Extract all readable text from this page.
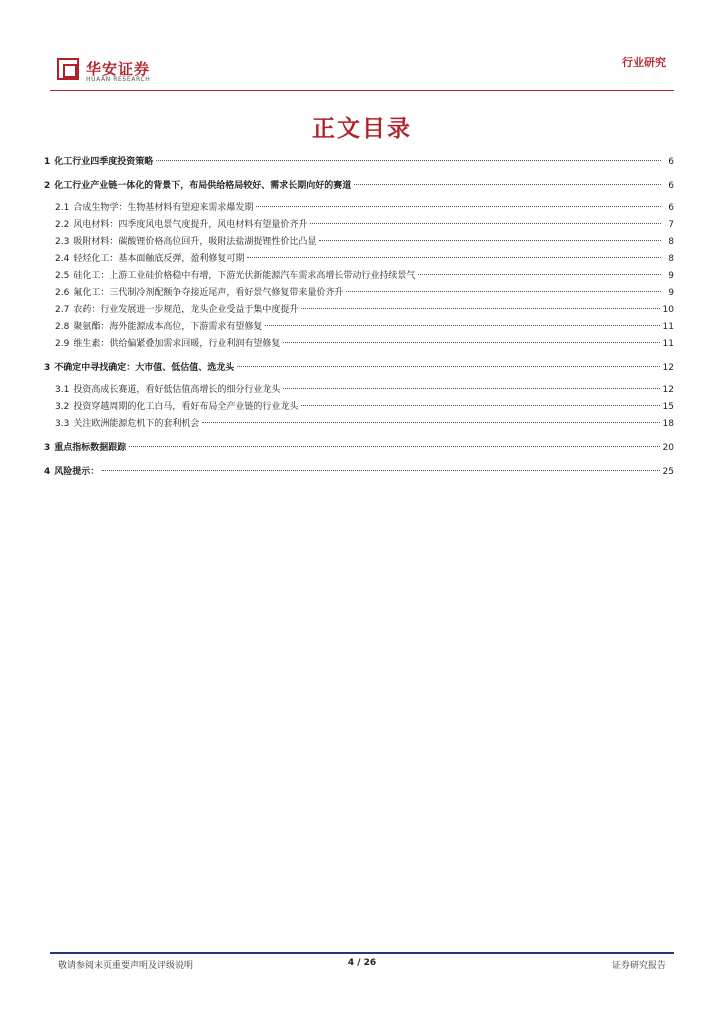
华安证券
HUAAN RESEARCH
行业研究
正文目录
1 化工行业四季度投资策略	6
2 化工行业产业链一体化的背景下，布局供给格局较好、需求长期向好的赛道	6
2.1 合成生物学：生物基材料有望迎来需求爆发期	6
2.2 风电材料：四季度风电景气度提升，风电材料有望量价齐升	7
2.3 吸附材料：碳酸锂价格高位回升，吸附法盐湖提锂性价比凸显	8
2.4 轻烃化工：基本面触底反弹，盈利修复可期	8
2.5 硅化工：上游工业硅价格稳中有增，下游光伏新能源汽车需求高增长带动行业持续景气	9
2.6 氟化工：三代制冷剂配额争夺接近尾声，看好景气修复带来量价齐升	9
2.7 农药：行业发展进一步规范，龙头企业受益于集中度提升	10
2.8 聚氨酯：海外能源成本高位，下游需求有望修复	11
2.9 维生素：供给偏紧叠加需求回暖，行业利润有望修复	11
3 不确定中寻找确定：大市值、低估值、选龙头	12
3.1 投资高成长赛道，看好低估值高增长的细分行业龙头	12
3.2 投资穿越周期的化工白马，看好布局全产业链的行业龙头	15
3.3 关注欧洲能源危机下的套利机会	18
3 重点指标数据跟踪	20
4 风险提示：	25
敬请参阅末页重要声明及评级说明	4 / 26	证券研究报告
